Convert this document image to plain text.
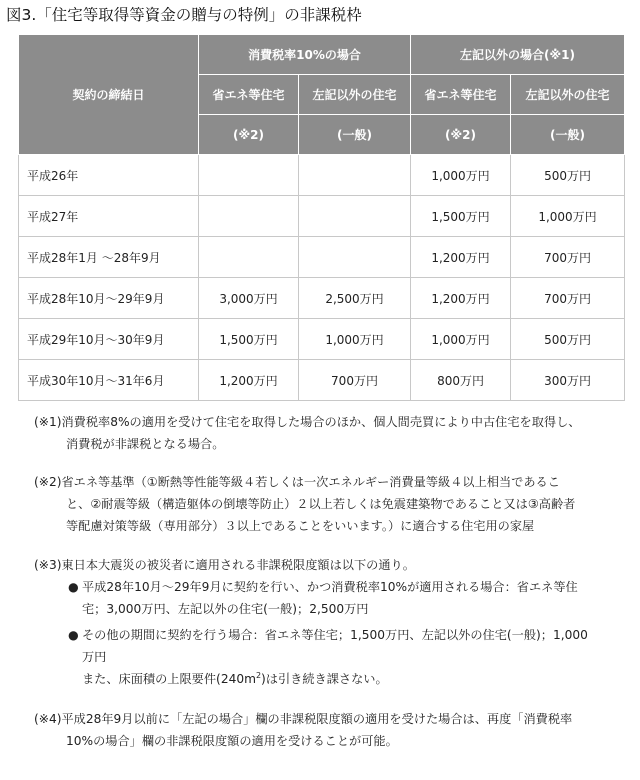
図3.「住宅等取得等資金の贈与の特例」の非課税枠
契約の締結日	消費税率10%の場合		左記以外の場合(※1)	
	省エネ等住宅	左記以外の住宅	省エネ等住宅	左記以外の住宅
	(※2)	(一般)	(※2)	(一般)
平成26年			1,000万円	500万円
平成27年			1,500万円	1,000万円
平成28年1月 ～28年9月			1,200万円	700万円
平成28年10月～29年9月	3,000万円	2,500万円	1,200万円	700万円
平成29年10月～30年9月	1,500万円	1,000万円	1,000万円	500万円
平成30年10月～31年6月	1,200万円	700万円	800万円	300万円
(※1)消費税率8%の適用を受けて住宅を取得した場合のほか、個人間売買により中古住宅を取得し、
消費税が非課税となる場合。
(※2)省エネ等基準（①断熱等性能等級４若しくは一次エネルギー消費量等級４以上相当であるこ
と、②耐震等級（構造躯体の倒壊等防止）２以上若しくは免震建築物であること又は③高齢者
等配慮対策等級（専用部分）３以上であることをいいます。）に適合する住宅用の家屋
(※3)東日本大震災の被災者に適用される非課税限度額は以下の通り。
● 平成28年10月～29年9月に契約を行い、かつ消費税率10%が適用される場合：省エネ等住
宅；3,000万円、左記以外の住宅(一般)；2,500万円
● その他の期間に契約を行う場合：省エネ等住宅；1,500万円、左記以外の住宅(一般)；1,000
万円
また、床面積の上限要件$(240m^2)$は引き続き課さない。
(※4)平成28年9月以前に「左記の場合」欄の非課税限度額の適用を受けた場合は、再度「消費税率
10%の場合」欄の非課税限度額の適用を受けることが可能。
